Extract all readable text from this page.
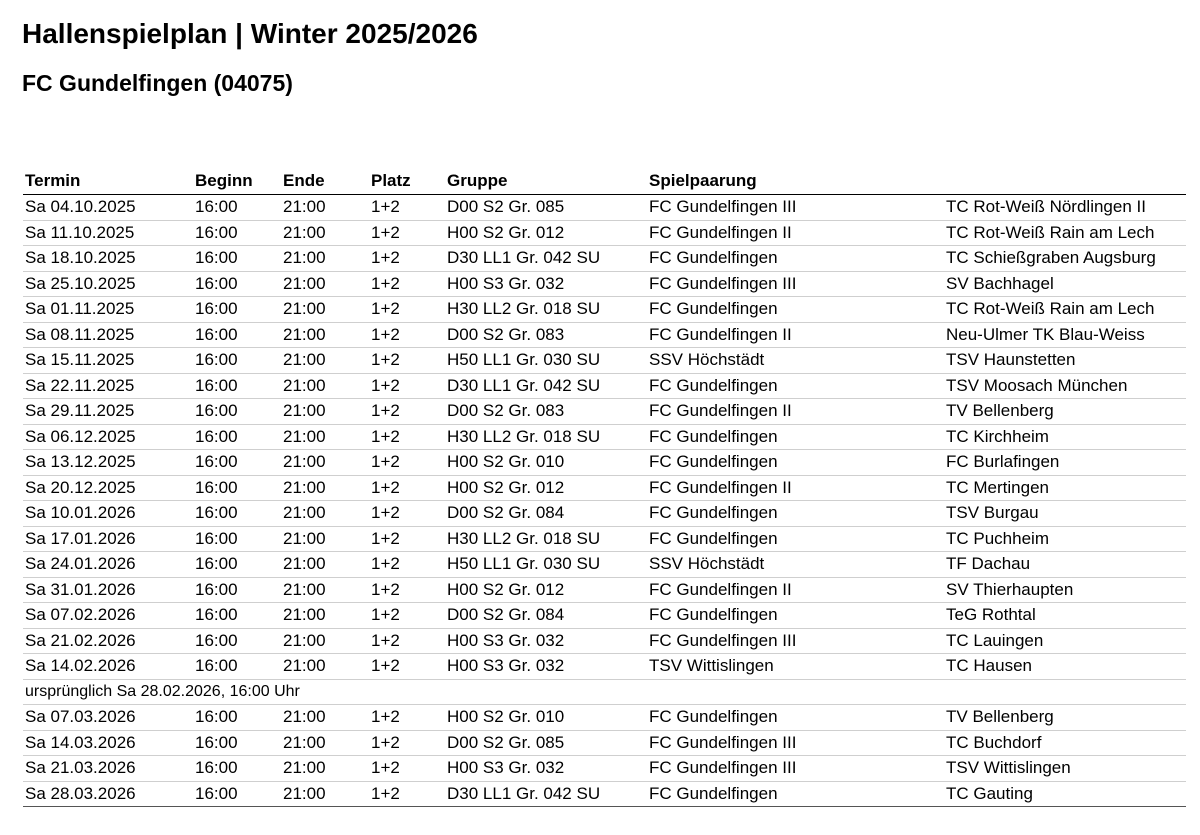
Hallenspielplan | Winter 2025/2026
FC Gundelfingen (04075)
Termin	Beginn	Ende	Platz	Gruppe	Spielpaarung	
Sa 04.10.2025	16:00	21:00	1+2	D00 S2 Gr. 085	FC Gundelfingen III	TC Rot-Weiß Nördlingen II
Sa 11.10.2025	16:00	21:00	1+2	H00 S2 Gr. 012	FC Gundelfingen II	TC Rot-Weiß Rain am Lech
Sa 18.10.2025	16:00	21:00	1+2	D30 LL1 Gr. 042 SU	FC Gundelfingen	TC Schießgraben Augsburg
Sa 25.10.2025	16:00	21:00	1+2	H00 S3 Gr. 032	FC Gundelfingen III	SV Bachhagel
Sa 01.11.2025	16:00	21:00	1+2	H30 LL2 Gr. 018 SU	FC Gundelfingen	TC Rot-Weiß Rain am Lech
Sa 08.11.2025	16:00	21:00	1+2	D00 S2 Gr. 083	FC Gundelfingen II	Neu-Ulmer TK Blau-Weiss
Sa 15.11.2025	16:00	21:00	1+2	H50 LL1 Gr. 030 SU	SSV Höchstädt	TSV Haunstetten
Sa 22.11.2025	16:00	21:00	1+2	D30 LL1 Gr. 042 SU	FC Gundelfingen	TSV Moosach München
Sa 29.11.2025	16:00	21:00	1+2	D00 S2 Gr. 083	FC Gundelfingen II	TV Bellenberg
Sa 06.12.2025	16:00	21:00	1+2	H30 LL2 Gr. 018 SU	FC Gundelfingen	TC Kirchheim
Sa 13.12.2025	16:00	21:00	1+2	H00 S2 Gr. 010	FC Gundelfingen	FC Burlafingen
Sa 20.12.2025	16:00	21:00	1+2	H00 S2 Gr. 012	FC Gundelfingen II	TC Mertingen
Sa 10.01.2026	16:00	21:00	1+2	D00 S2 Gr. 084	FC Gundelfingen	TSV Burgau
Sa 17.01.2026	16:00	21:00	1+2	H30 LL2 Gr. 018 SU	FC Gundelfingen	TC Puchheim
Sa 24.01.2026	16:00	21:00	1+2	H50 LL1 Gr. 030 SU	SSV Höchstädt	TF Dachau
Sa 31.01.2026	16:00	21:00	1+2	H00 S2 Gr. 012	FC Gundelfingen II	SV Thierhaupten
Sa 07.02.2026	16:00	21:00	1+2	D00 S2 Gr. 084	FC Gundelfingen	TeG Rothtal
Sa 21.02.2026	16:00	21:00	1+2	H00 S3 Gr. 032	FC Gundelfingen III	TC Lauingen
Sa 14.02.2026	16:00	21:00	1+2	H00 S3 Gr. 032	TSV Wittislingen	TC Hausen
ursprünglich Sa 28.02.2026, 16:00 Uhr						
Sa 07.03.2026	16:00	21:00	1+2	H00 S2 Gr. 010	FC Gundelfingen	TV Bellenberg
Sa 14.03.2026	16:00	21:00	1+2	D00 S2 Gr. 085	FC Gundelfingen III	TC Buchdorf
Sa 21.03.2026	16:00	21:00	1+2	H00 S3 Gr. 032	FC Gundelfingen III	TSV Wittislingen
Sa 28.03.2026	16:00	21:00	1+2	D30 LL1 Gr. 042 SU	FC Gundelfingen	TC Gauting
